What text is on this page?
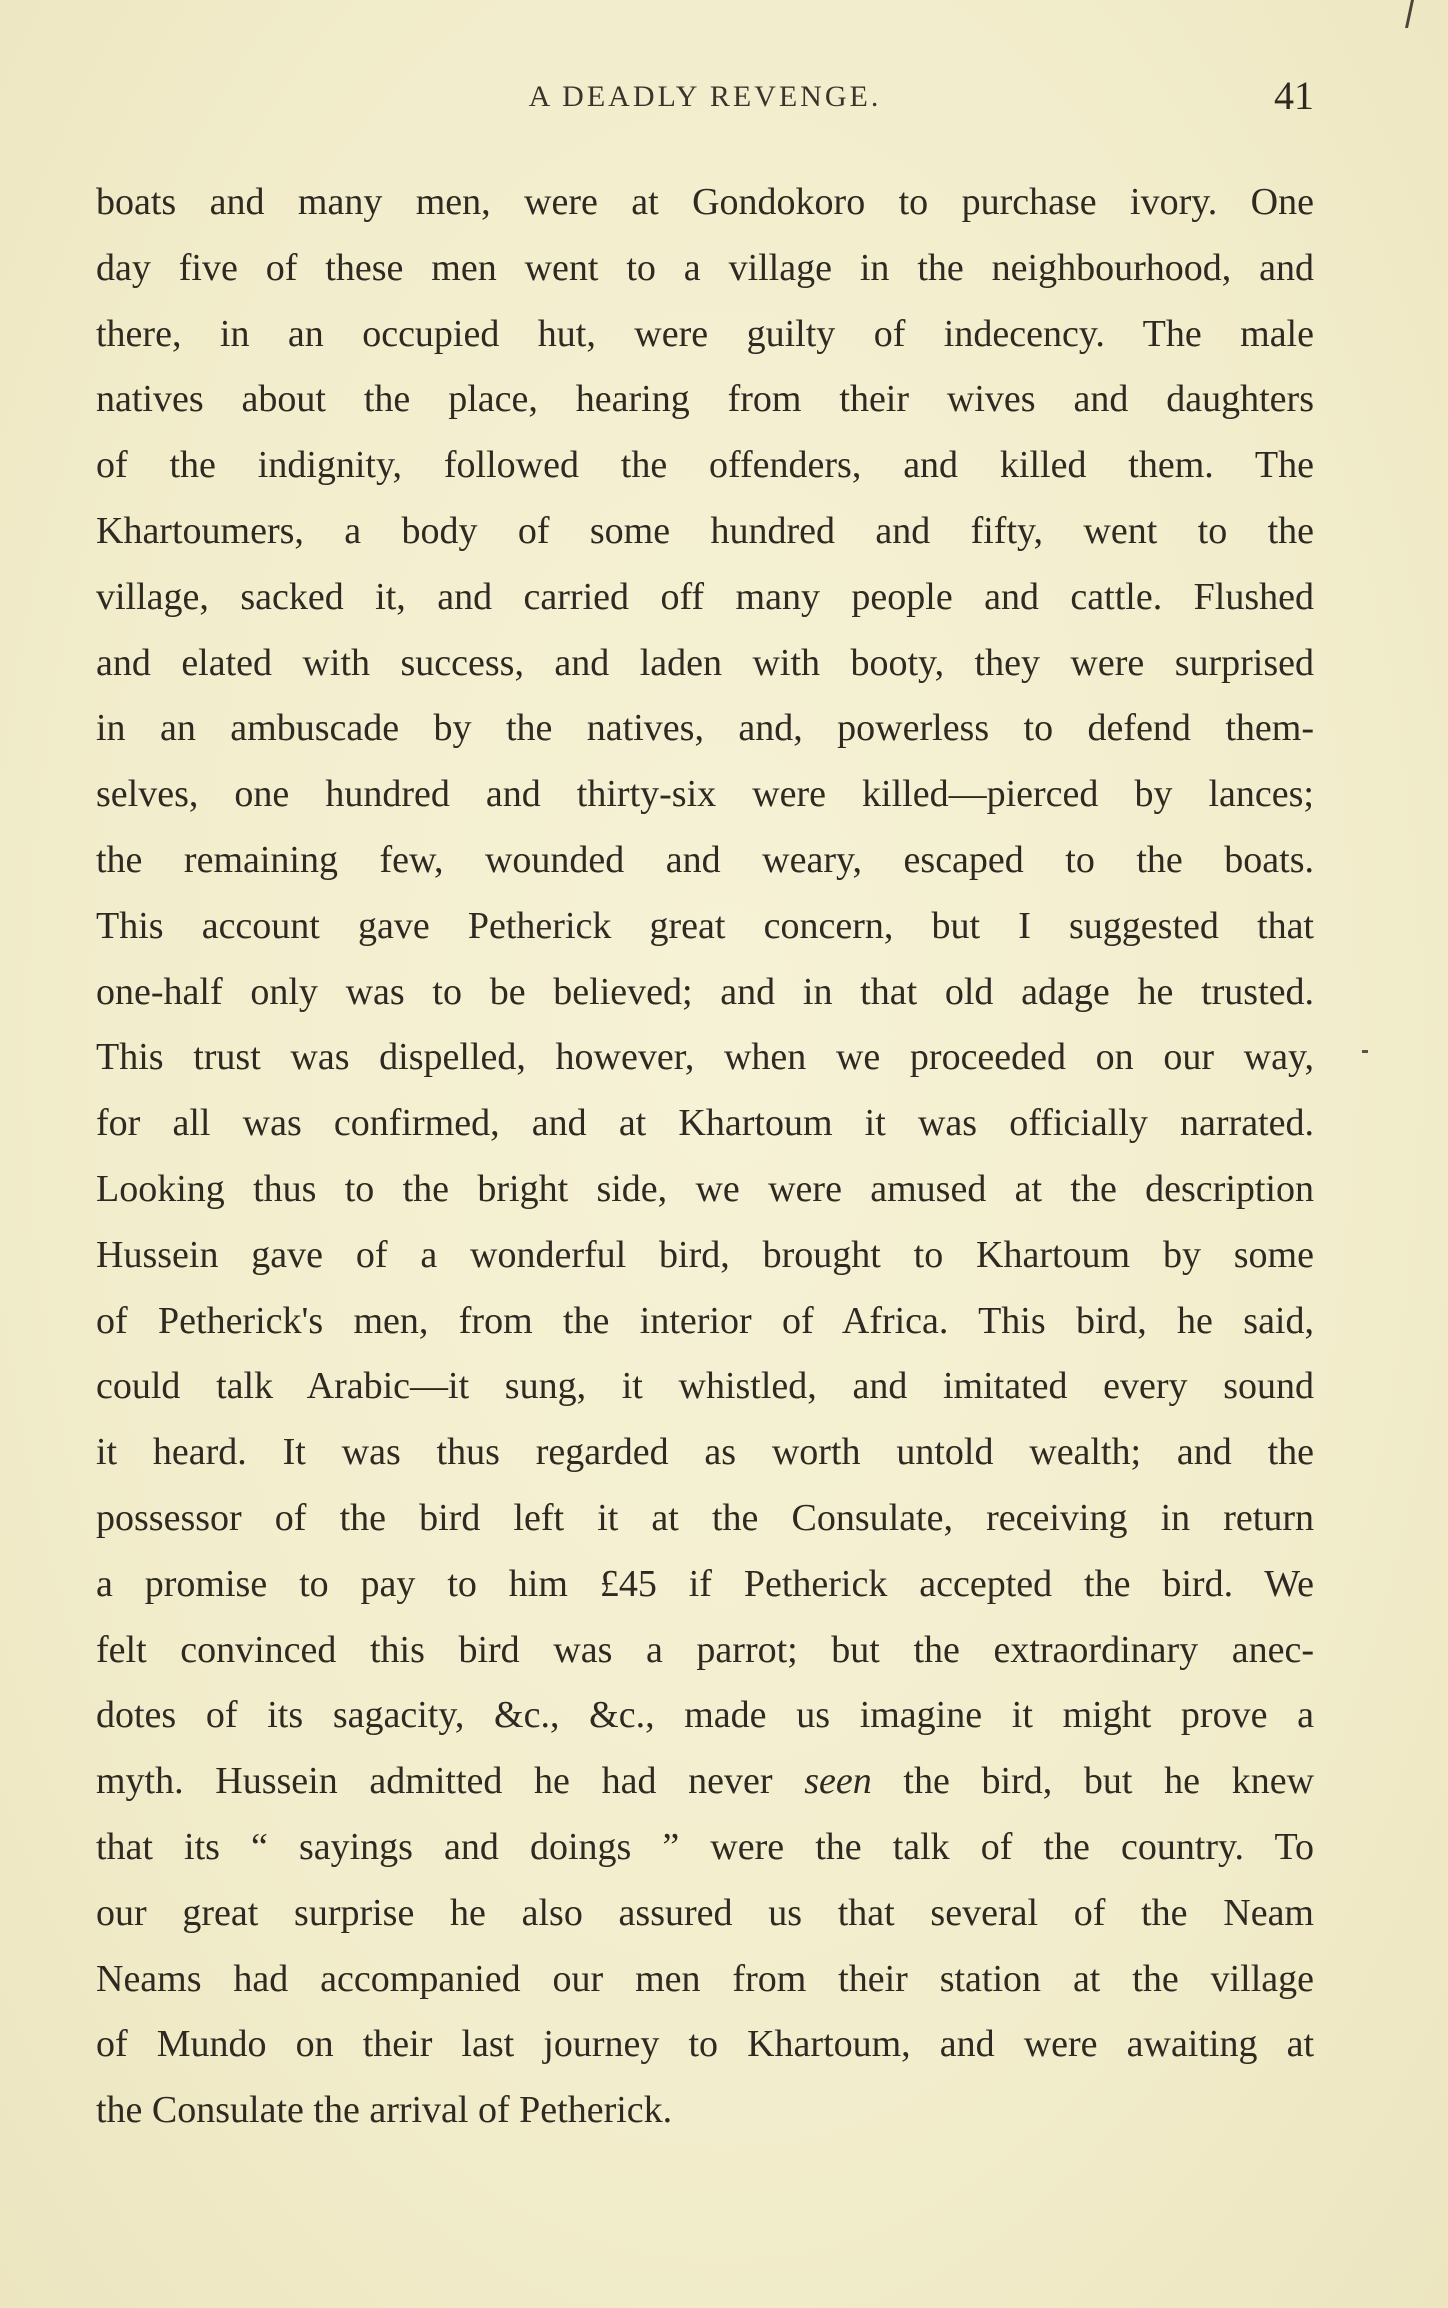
A DEADLY REVENGE.	41
boats and many men, were at Gondokoro to purchase ivory. One
day five of these men went to a village in the neighbourhood, and
there, in an occupied hut, were guilty of indecency. The male
natives about the place, hearing from their wives and daughters
of the indignity, followed the offenders, and killed them. The
Khartoumers, a body of some hundred and fifty, went to the
village, sacked it, and carried off many people and cattle. Flushed
and elated with success, and laden with booty, they were surprised
in an ambuscade by the natives, and, powerless to defend them-
selves, one hundred and thirty-six were killed—pierced by lances;
the remaining few, wounded and weary, escaped to the boats.
This account gave Petherick great concern, but I suggested that
one-half only was to be believed; and in that old adage he trusted.
This trust was dispelled, however, when we proceeded on our way,
for all was confirmed, and at Khartoum it was officially narrated.
Looking thus to the bright side, we were amused at the description
Hussein gave of a wonderful bird, brought to Khartoum by some
of Petherick's men, from the interior of Africa. This bird, he said,
could talk Arabic—it sung, it whistled, and imitated every sound
it heard. It was thus regarded as worth untold wealth; and the
possessor of the bird left it at the Consulate, receiving in return
a promise to pay to him £45 if Petherick accepted the bird. We
felt convinced this bird was a parrot; but the extraordinary anec-
dotes of its sagacity, &c., &c., made us imagine it might prove a
myth. Hussein admitted he had never seen the bird, but he knew
that its “ sayings and doings ” were the talk of the country. To
our great surprise he also assured us that several of the Neam
Neams had accompanied our men from their station at the village
of Mundo on their last journey to Khartoum, and were awaiting at
the Consulate the arrival of Petherick.
